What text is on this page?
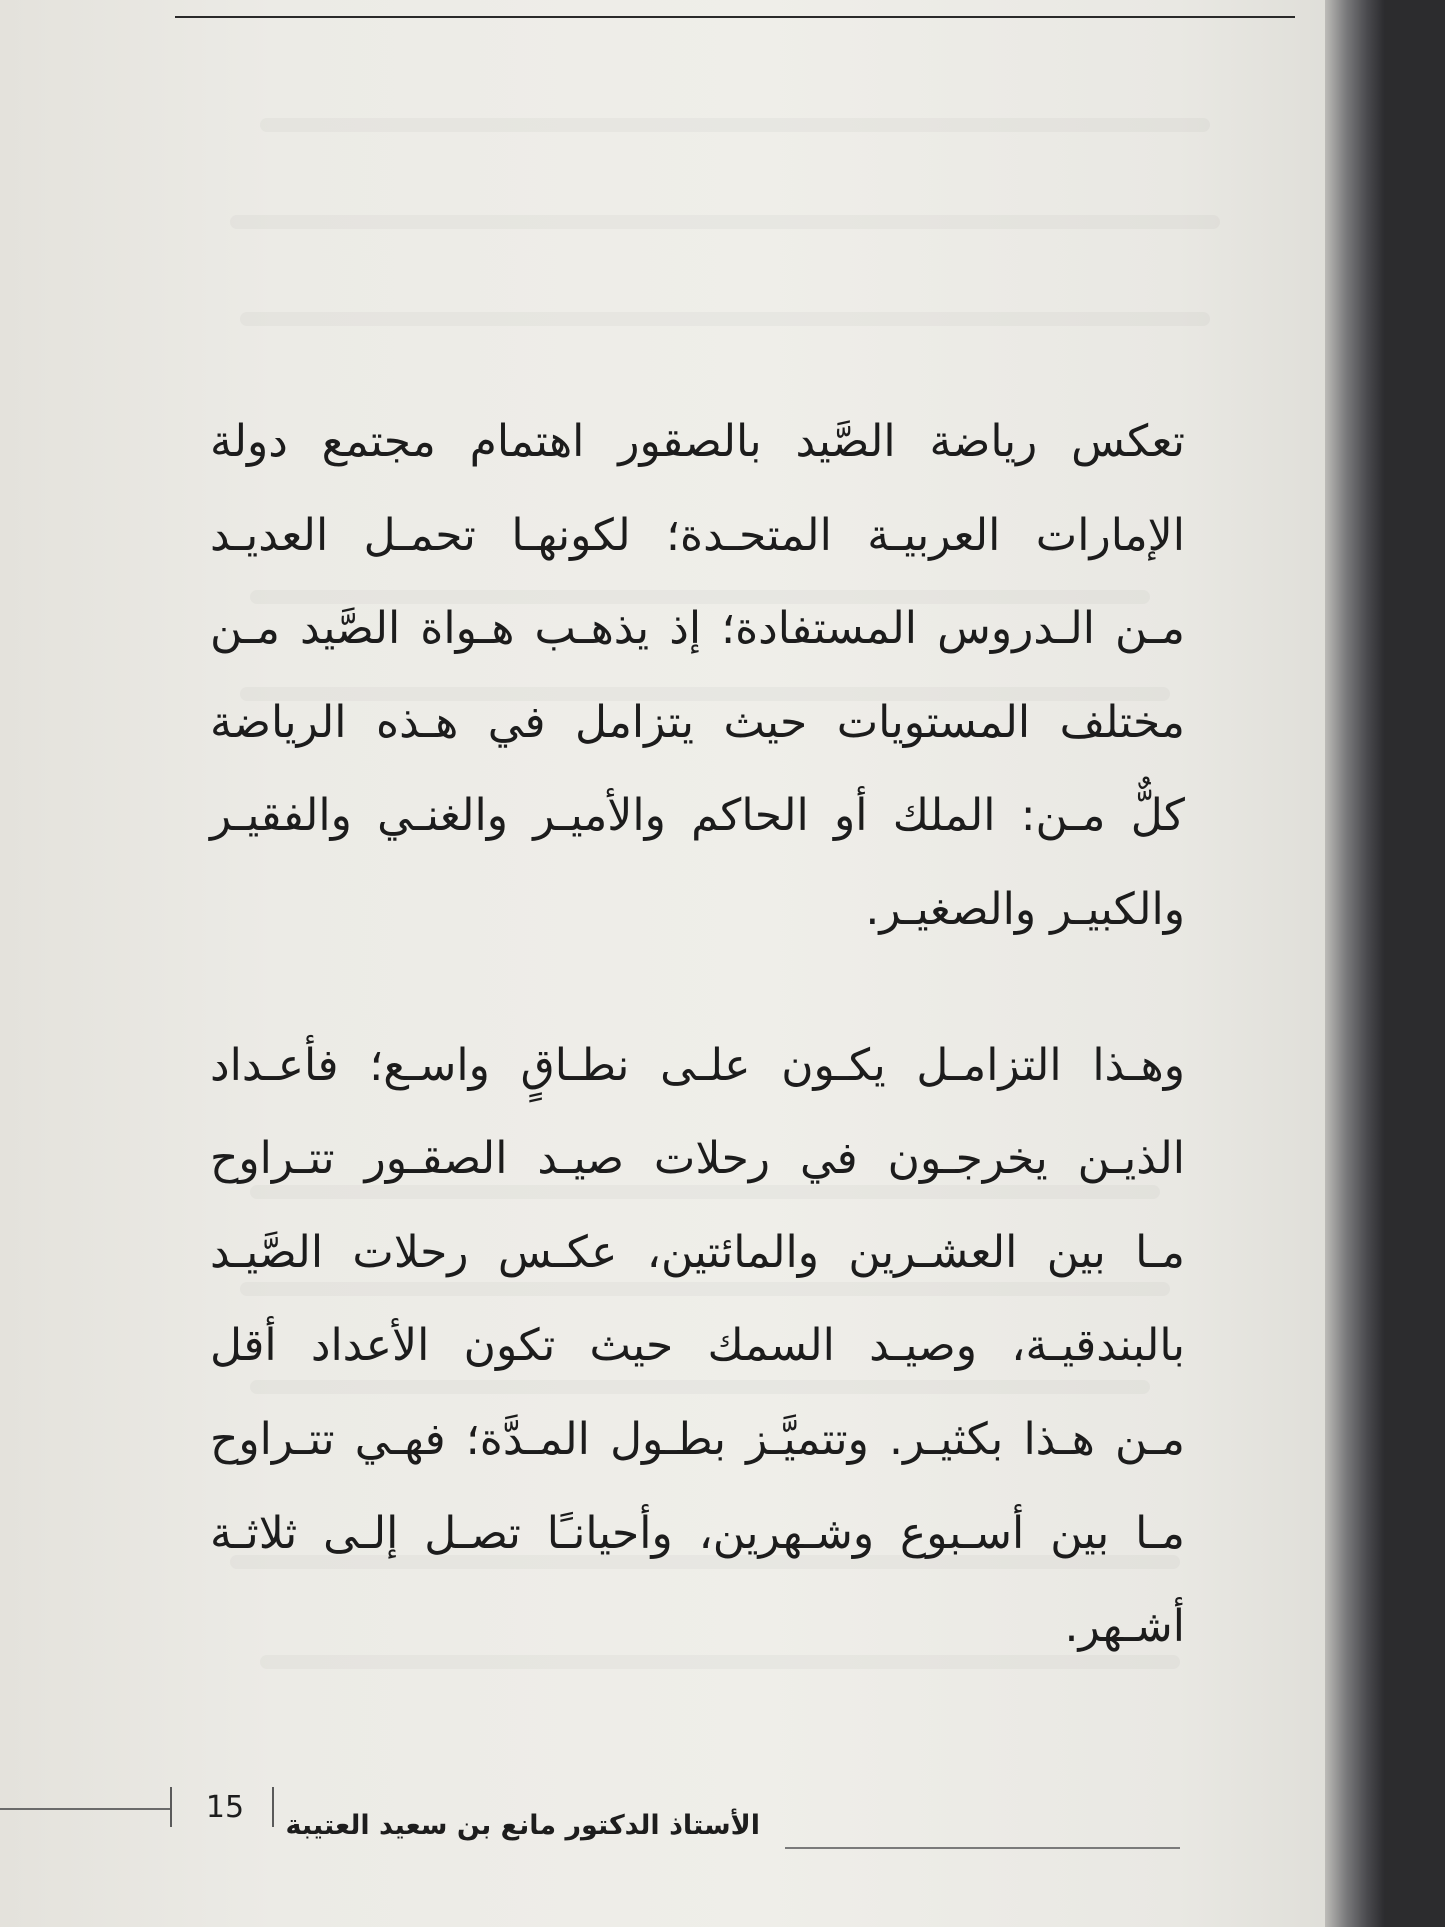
تعكس رياضة الصَّيد بالصقور اهتمام مجتمع دولة
الإمارات العربيـة المتحـدة؛ لكونهـا تحمـل العديـد
مـن الـدروس المستفادة؛ إذ يذهـب هـواة الصَّيد مـن
مختلف المستويات حيث يتزامل في هـذه الرياضة
كلٌّ مـن: الملك أو الحاكم والأميـر والغنـي والفقيـر
والكبيـر والصغيـر.
وهـذا التزامـل يكـون علـى نطـاقٍ واسـع؛ فأعـداد
الذيـن يخرجـون في رحلات صيـد الصقـور تتـراوح
مـا بين العشـرين والمائتين، عكـس رحلات الصَّيـد
بالبندقيـة، وصيـد السمك حيث تكون الأعداد أقل
مـن هـذا بكثيـر. وتتميَّـز بطـول المـدَّة؛ فهـي تتـراوح
مـا بين أسـبوع وشـهرين، وأحيانـًا تصـل إلـى ثلاثـة
أشـهر.
15
الأستاذ الدكتور مانع بن سعيد العتيبة
